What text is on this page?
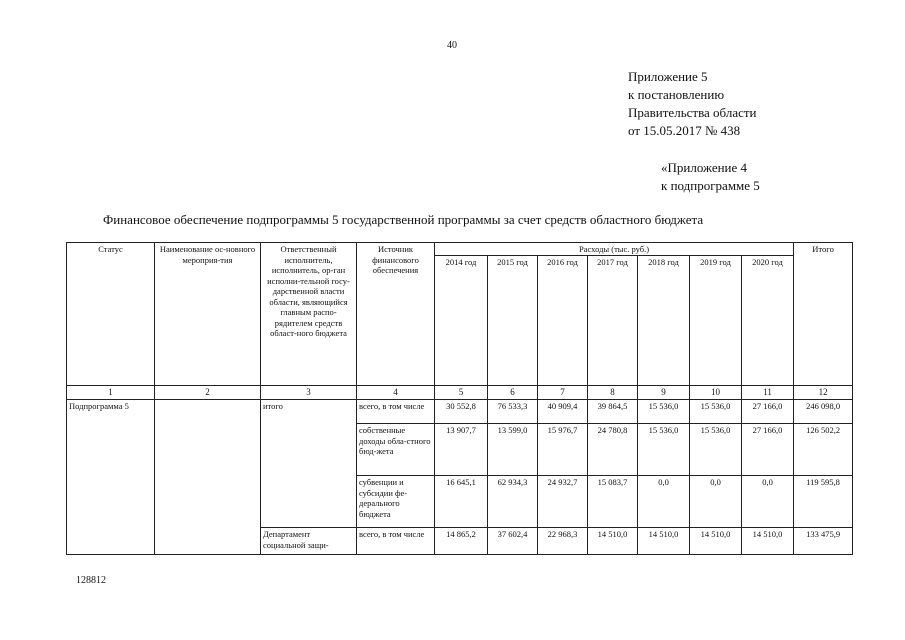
40
Приложение 5
к постановлению
Правительства области
от 15.05.2017 № 438
«Приложение 4
к подпрограмме 5
Финансовое обеспечение подпрограммы 5 государственной программы за счет средств областного бюджета
Статус	Наименование ос-новного мероприя-тия	Ответственный исполнитель, исполнитель, ор-ган исполни-тельной госу-дарственной власти области, являющийся главным распо-рядителем средств област-ного бюджета	Источник финансового обеспечения	Расходы (тыс. руб.)							Итого
				2014 год	2015 год	2016 год	2017 год	2018 год	2019 год	2020 год	
1	2	3	4	5	6	7	8	9	10	11	12
Подпрограмма 5		итого	всего, в том числе	30 552,8	76 533,3	40 909,4	39 864,5	15 536,0	15 536,0	27 166,0	246 098,0
			собственные доходы обла-стного бюд-жета	13 907,7	13 599,0	15 976,7	24 780,8	15 536,0	15 536,0	27 166,0	126 502,2
			субвенции и субсидии фе-дерального бюджета	16 645,1	62 934,3	24 932,7	15 083,7	0,0	0,0	0,0	119 595,8
		Департамент социальной защи-	всего, в том числе	14 865,2	37 602,4	22 968,3	14 510,0	14 510,0	14 510,0	14 510,0	133 475,9
128812
